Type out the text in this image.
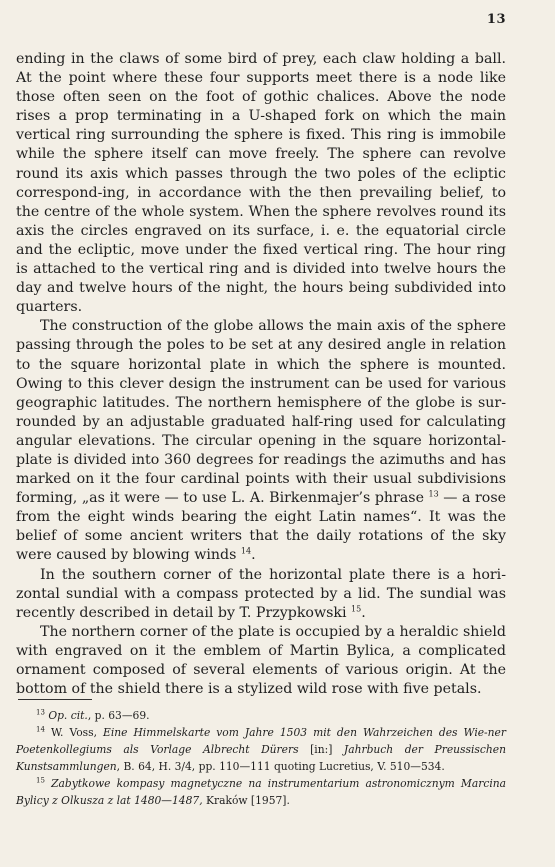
13

ending in the claws of some bird of prey, each claw holding a ball. At the point where these four supports meet there is a node like those often seen on the foot of gothic chalices. Above the node rises a prop terminating in a U-shaped fork on which the main vertical ring surrounding the sphere is fixed. This ring is immobile while the sphere itself can move freely. The sphere can revolve round its axis which passes through the two poles of the ecliptic correspond-ing, in accordance with the then prevailing belief, to the centre of the whole system. When the sphere revolves round its axis the circles engraved on its surface, i. e. the equatorial circle and the ecliptic, move under the fixed vertical ring. The hour ring is attached to the vertical ring and is divided into twelve hours the day and twelve hours of the night, the hours being subdivided into quarters.

The construction of the globe allows the main axis of the sphere passing through the poles to be set at any desired angle in relation to the square horizontal plate in which the sphere is mounted. Owing to this clever design the instrument can be used for various geographic latitudes. The northern hemisphere of the globe is sur-rounded by an adjustable graduated half-ring used for calculating angular elevations. The circular opening in the square horizontal-plate is divided into 360 degrees for readings the azimuths and has marked on it the four cardinal points with their usual subdivisions forming, „as it were — to use L. A. Birkenmajer’s phrase $^{13}$ — a rose from the eight winds bearing the eight Latin names“. It was the belief of some ancient writers that the daily rotations of the sky were caused by blowing winds $^{14}$.

In the southern corner of the horizontal plate there is a hori-zontal sundial with a compass protected by a lid. The sundial was recently described in detail by T. Przypkowski $^{15}$.

The northern corner of the plate is occupied by a heraldic shield with engraved on it the emblem of Martin Bylica, a complicated ornament composed of several elements of various origin. At the bottom of the shield there is a stylized wild rose with five petals.

$^{13}$ Op. cit., p. 63—69.

$^{14}$ W. Voss, Eine Himmelskarte vom Jahre 1503 mit den Wahrzeichen des Wie-ner Poetenkollegiums als Vorlage Albrecht Dürers [in:] Jahrbuch der Preussischen Kunstsammlungen, B. 64, H. 3/4, pp. 110—111 quoting Lucretius, V. 510—534.

$^{15}$ Zabytkowe kompasy magnetyczne na instrumentarium astronomicznym Marcina Bylicy z Olkusza z lat 1480—1487, Kraków [1957].
